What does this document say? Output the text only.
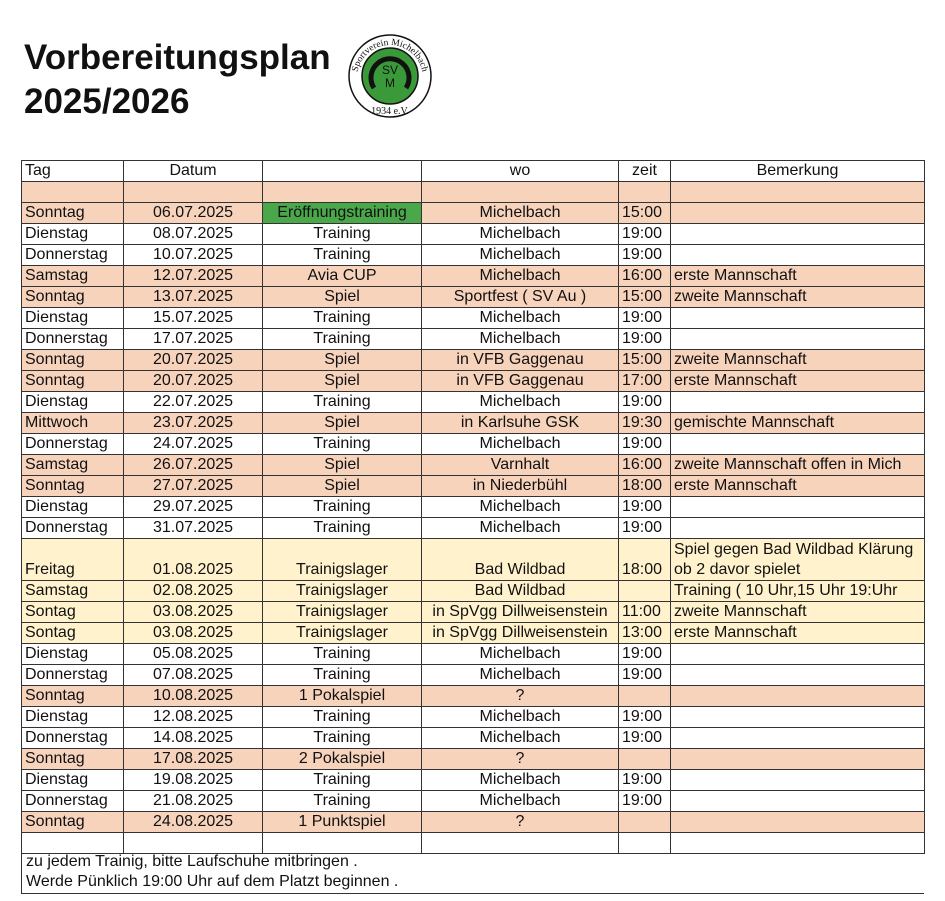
Vorbereitungsplan
2025/2026
Sportverein Michelbach
SV
M
1934 e.V.
Tag	Datum		wo	zeit	Bemerkung

Sonntag	06.07.2025	Eröffnungstraining	Michelbach	15:00	
Dienstag	08.07.2025	Training	Michelbach	19:00	
Donnerstag	10.07.2025	Training	Michelbach	19:00	
Samstag	12.07.2025	Avia CUP	Michelbach	16:00	erste Mannschaft
Sonntag	13.07.2025	Spiel	Sportfest ( SV Au )	15:00	zweite Mannschaft
Dienstag	15.07.2025	Training	Michelbach	19:00	
Donnerstag	17.07.2025	Training	Michelbach	19:00	
Sonntag	20.07.2025	Spiel	in VFB Gaggenau	15:00	zweite Mannschaft
Sonntag	20.07.2025	Spiel	in VFB Gaggenau	17:00	erste Mannschaft
Dienstag	22.07.2025	Training	Michelbach	19:00	
Mittwoch	23.07.2025	Spiel	in Karlsuhe GSK	19:30	gemischte Mannschaft
Donnerstag	24.07.2025	Training	Michelbach	19:00	
Samstag	26.07.2025	Spiel	Varnhalt	16:00	zweite Mannschaft offen in Mich
Sonntag	27.07.2025	Spiel	in Niederbühl	18:00	erste Mannschaft
Dienstag	29.07.2025	Training	Michelbach	19:00	
Donnerstag	31.07.2025	Training	Michelbach	19:00	
Freitag	01.08.2025	Trainigslager	Bad Wildbad	18:00	Spiel gegen Bad Wildbad Klärung ob 2 davor spielet
Samstag	02.08.2025	Trainigslager	Bad Wildbad		Training ( 10 Uhr,15 Uhr 19:Uhr
Sontag	03.08.2025	Trainigslager	in SpVgg Dillweisenstein	11:00	zweite Mannschaft
Sontag	03.08.2025	Trainigslager	in SpVgg Dillweisenstein	13:00	erste Mannschaft
Dienstag	05.08.2025	Training	Michelbach	19:00	
Donnerstag	07.08.2025	Training	Michelbach	19:00	
Sonntag	10.08.2025	1 Pokalspiel	?		
Dienstag	12.08.2025	Training	Michelbach	19:00	
Donnerstag	14.08.2025	Training	Michelbach	19:00	
Sonntag	17.08.2025	2 Pokalspiel	?		
Dienstag	19.08.2025	Training	Michelbach	19:00	
Donnerstag	21.08.2025	Training	Michelbach	19:00	
Sonntag	24.08.2025	1 Punktspiel	?		

zu jedem Trainig, bitte Laufschuhe mitbringen .
Werde Pünklich 19:00 Uhr auf dem Platzt beginnen .
